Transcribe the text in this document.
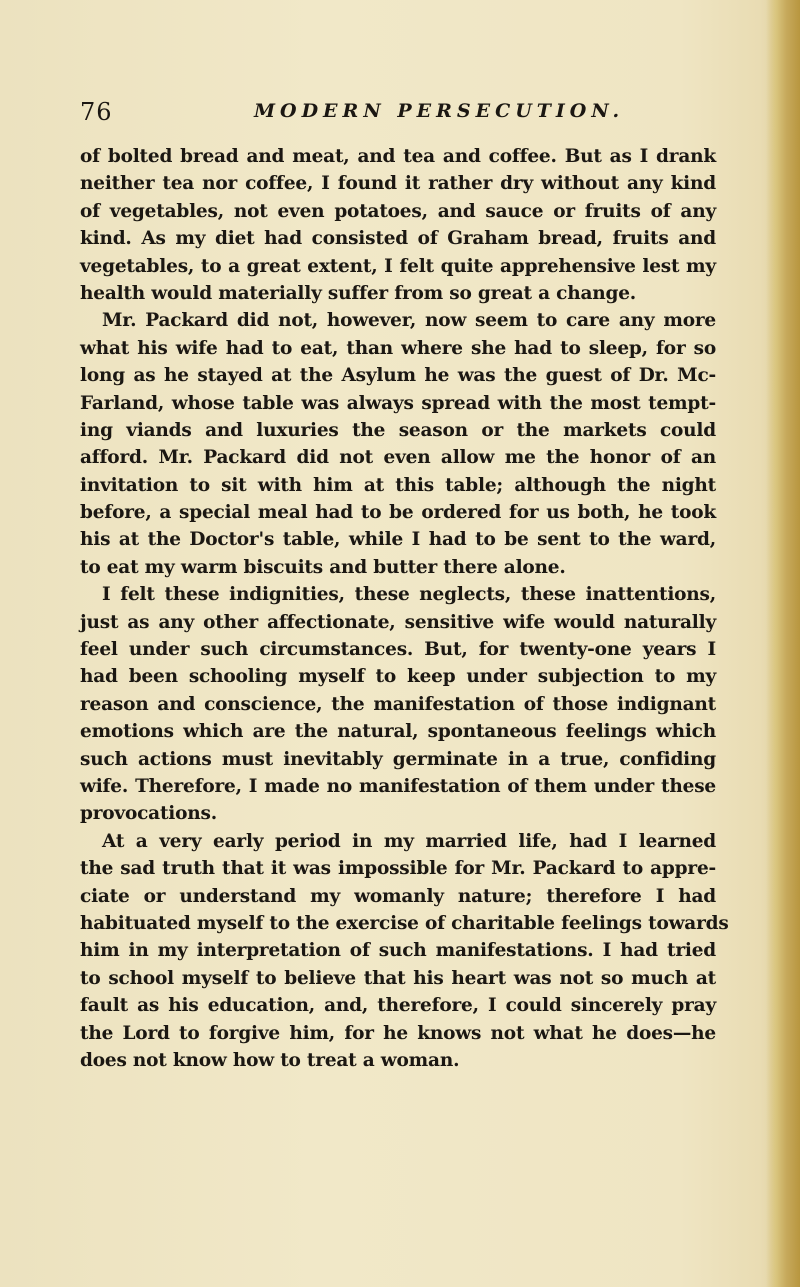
76	MODERN PERSECUTION.
of bolted bread and meat, and tea and coffee. But as I drank
neither tea nor coffee, I found it rather dry without any kind
of vegetables, not even potatoes, and sauce or fruits of any
kind. As my diet had consisted of Graham bread, fruits and
vegetables, to a great extent, I felt quite apprehensive lest my
health would materially suffer from so great a change.
Mr. Packard did not, however, now seem to care any more
what his wife had to eat, than where she had to sleep, for so
long as he stayed at the Asylum he was the guest of Dr. Mc-
Farland, whose table was always spread with the most tempt-
ing viands and luxuries the season or the markets could
afford. Mr. Packard did not even allow me the honor of an
invitation to sit with him at this table; although the night
before, a special meal had to be ordered for us both, he took
his at the Doctor's table, while I had to be sent to the ward,
to eat my warm biscuits and butter there alone.
I felt these indignities, these neglects, these inattentions,
just as any other affectionate, sensitive wife would naturally
feel under such circumstances. But, for twenty-one years I
had been schooling myself to keep under subjection to my
reason and conscience, the manifestation of those indignant
emotions which are the natural, spontaneous feelings which
such actions must inevitably germinate in a true, confiding
wife. Therefore, I made no manifestation of them under these
provocations.
At a very early period in my married life, had I learned
the sad truth that it was impossible for Mr. Packard to appre-
ciate or understand my womanly nature; therefore I had
habituated myself to the exercise of charitable feelings towards
him in my interpretation of such manifestations. I had tried
to school myself to believe that his heart was not so much at
fault as his education, and, therefore, I could sincerely pray
the Lord to forgive him, for he knows not what he does—he
does not know how to treat a woman.
